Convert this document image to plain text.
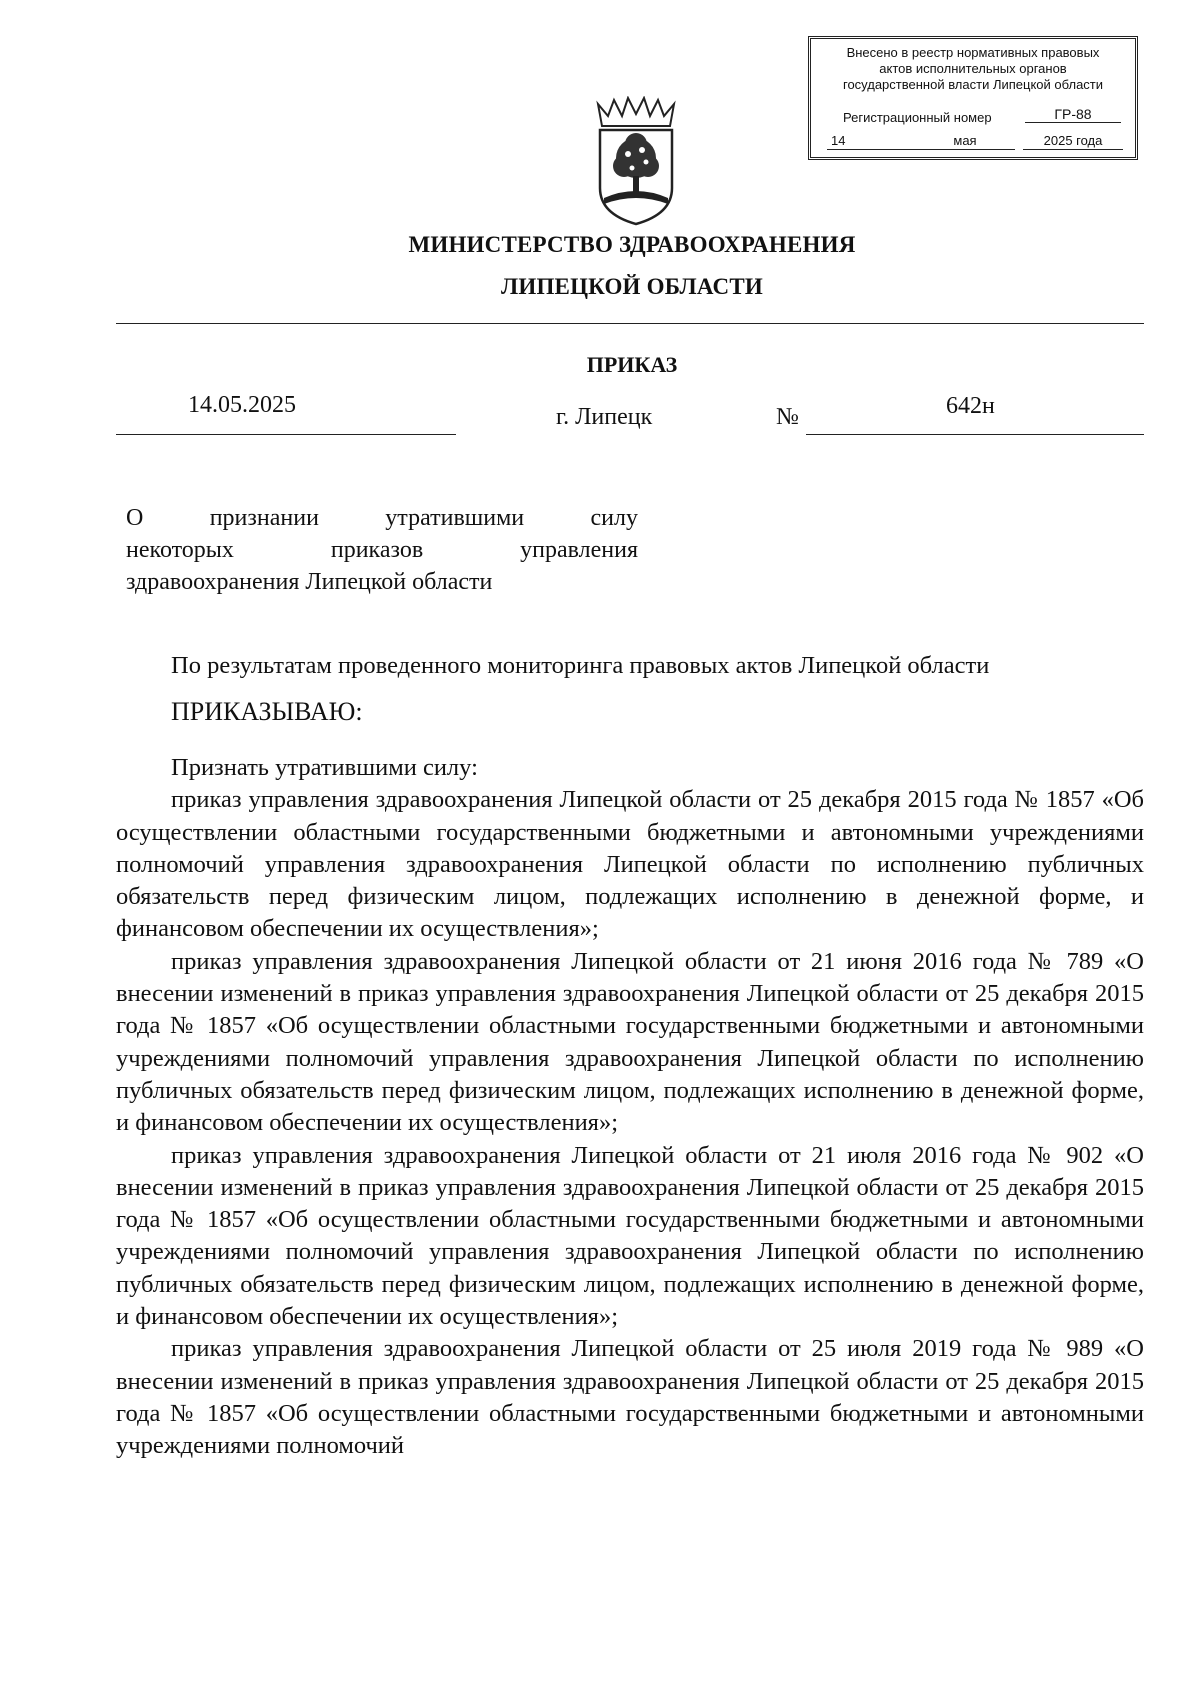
Внесено в реестр нормативных правовых
актов исполнительных органов
государственной власти Липецкой области
Регистрационный номер	ГР-88
14	мая	2025 года
МИНИСТЕРСТВО ЗДРАВООХРАНЕНИЯ
ЛИПЕЦКОЙ ОБЛАСТИ
ПРИКАЗ
14.05.2025	г. Липецк	№	642н
О признании утратившими силу
некоторых приказов управления
здравоохранения Липецкой области

По результатам проведенного мониторинга правовых актов Липецкой области

ПРИКАЗЫВАЮ:

Признать утратившими силу:

приказ управления здравоохранения Липецкой области от 25 декабря 2015 года № 1857 «Об осуществлении областными государственными бюджетными и автономными учреждениями полномочий управления здравоохранения Липецкой области по исполнению публичных обязательств перед физическим лицом, подлежащих исполнению в денежной форме, и финансовом обеспечении их осуществления»;

приказ управления здравоохранения Липецкой области от 21 июня 2016 года № 789 «О внесении изменений в приказ управления здравоохранения Липецкой области от 25 декабря 2015 года № 1857 «Об осуществлении областными государственными бюджетными и автономными учреждениями полномочий управления здравоохранения Липецкой области по исполнению публичных обязательств перед физическим лицом, подлежащих исполнению в денежной форме, и финансовом обеспечении их осуществления»;

приказ управления здравоохранения Липецкой области от 21 июля 2016 года № 902 «О внесении изменений в приказ управления здравоохранения Липецкой области от 25 декабря 2015 года № 1857 «Об осуществлении областными государственными бюджетными и автономными учреждениями полномочий управления здравоохранения Липецкой области по исполнению публичных обязательств перед физическим лицом, подлежащих исполнению в денежной форме, и финансовом обеспечении их осуществления»;

приказ управления здравоохранения Липецкой области от 25 июля 2019 года № 989 «О внесении изменений в приказ управления здравоохранения Липецкой области от 25 декабря 2015 года № 1857 «Об осуществлении областными государственными бюджетными и автономными учреждениями полномочий
